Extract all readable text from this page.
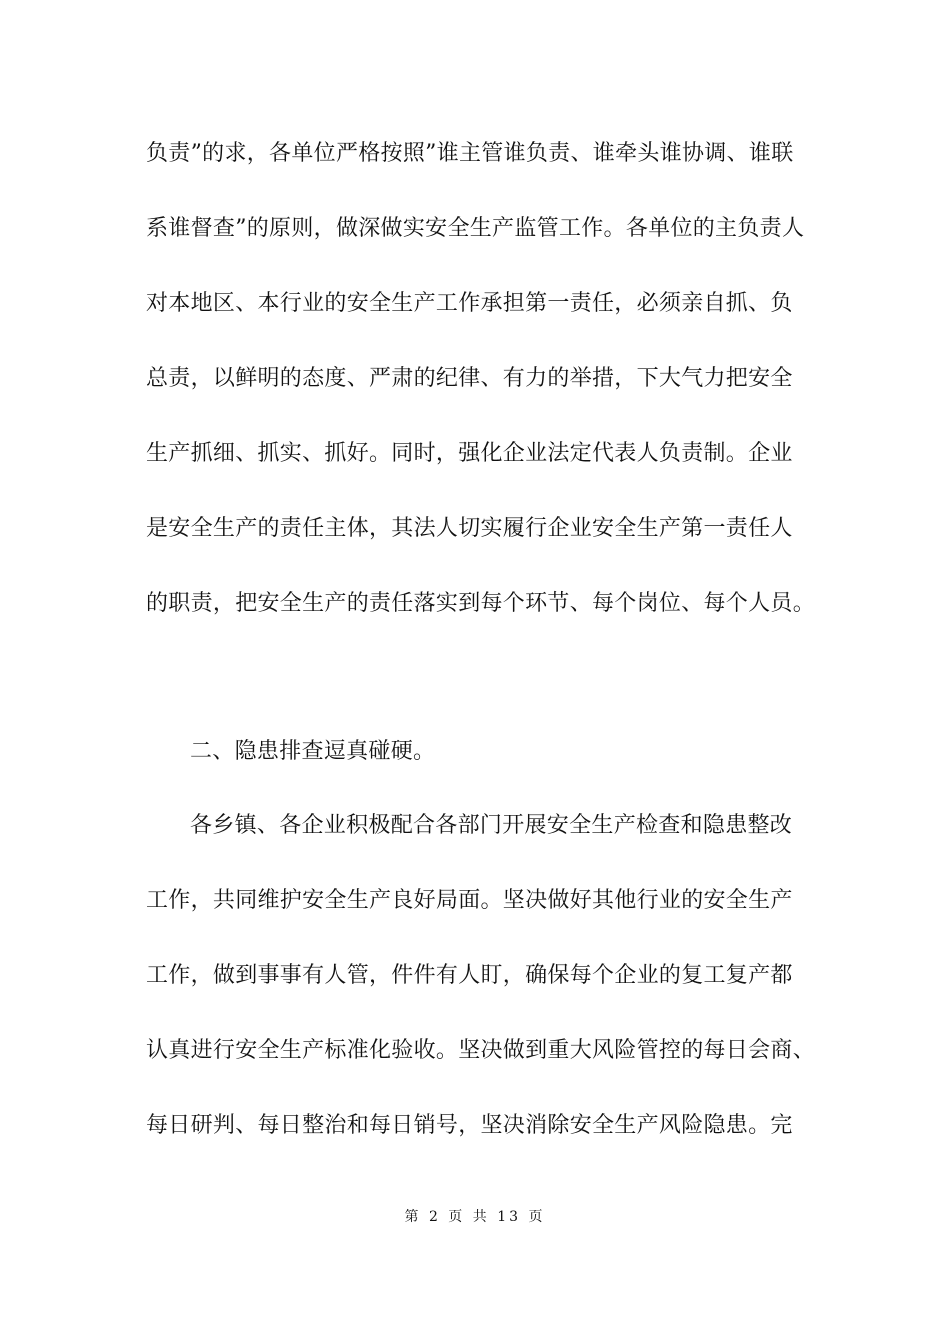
负责”的求，各单位严格按照”谁主管谁负责、谁牵头谁协调、谁联
系谁督查”的原则，做深做实安全生产监管工作。各单位的主负责人
对本地区、本行业的安全生产工作承担第一责任，必须亲自抓、负
总责，以鲜明的态度、严肃的纪律、有力的举措，下大气力把安全
生产抓细、抓实、抓好。同时，强化企业法定代表人负责制。企业
是安全生产的责任主体，其法人切实履行企业安全生产第一责任人
的职责，把安全生产的责任落实到每个环节、每个岗位、每个人员。
二、隐患排查逗真碰硬。
各乡镇、各企业积极配合各部门开展安全生产检查和隐患整改
工作，共同维护安全生产良好局面。坚决做好其他行业的安全生产
工作，做到事事有人管，件件有人盯，确保每个企业的复工复产都
认真进行安全生产标准化验收。坚决做到重大风险管控的每日会商、
每日研判、每日整治和每日销号，坚决消除安全生产风险隐患。完
第 2 页 共 13 页
